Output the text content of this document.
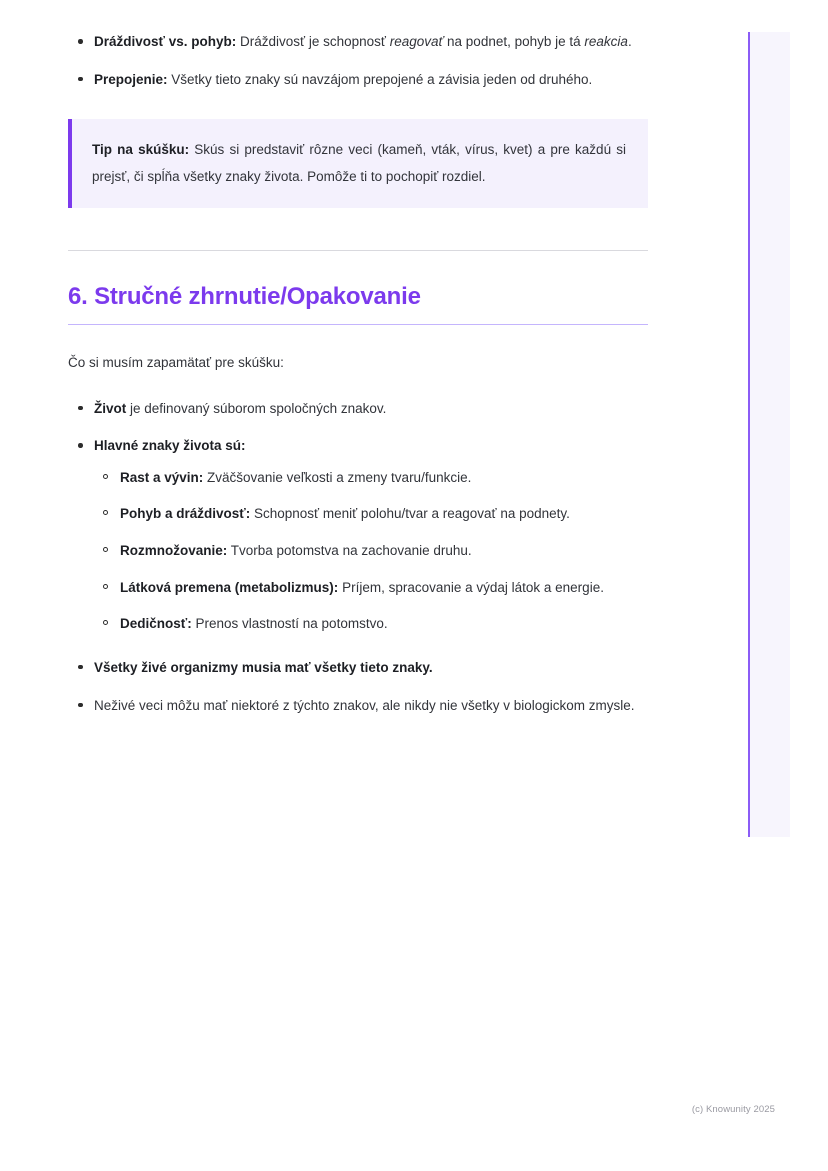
Dráždivosť vs. pohyb: Dráždivosť je schopnosť reagovať na podnet, pohyb je tá reakcia.
Prepojenie: Všetky tieto znaky sú navzájom prepojené a závisia jeden od druhého.
Tip na skúšku: Skús si predstaviť rôzne veci (kameň, vták, vírus, kvet) a pre každú si prejsť, či spĺňa všetky znaky života. Pomôže ti to pochopiť rozdiel.
6. Stručné zhrnutie/Opakovanie

Čo si musím zapamätať pre skúšku:

Život je definovaný súborom spoločných znakov.
Hlavné znaky života sú:
Rast a vývin: Zväčšovanie veľkosti a zmeny tvaru/funkcie.
Pohyb a dráždivosť: Schopnosť meniť polohu/tvar a reagovať na podnety.
Rozmnožovanie: Tvorba potomstva na zachovanie druhu.
Látková premena (metabolizmus): Príjem, spracovanie a výdaj látok a energie.
Dedičnosť: Prenos vlastností na potomstvo.
Všetky živé organizmy musia mať všetky tieto znaky.
Neživé veci môžu mať niektoré z týchto znakov, ale nikdy nie všetky v biologickom zmysle.
(c) Knowunity 2025
